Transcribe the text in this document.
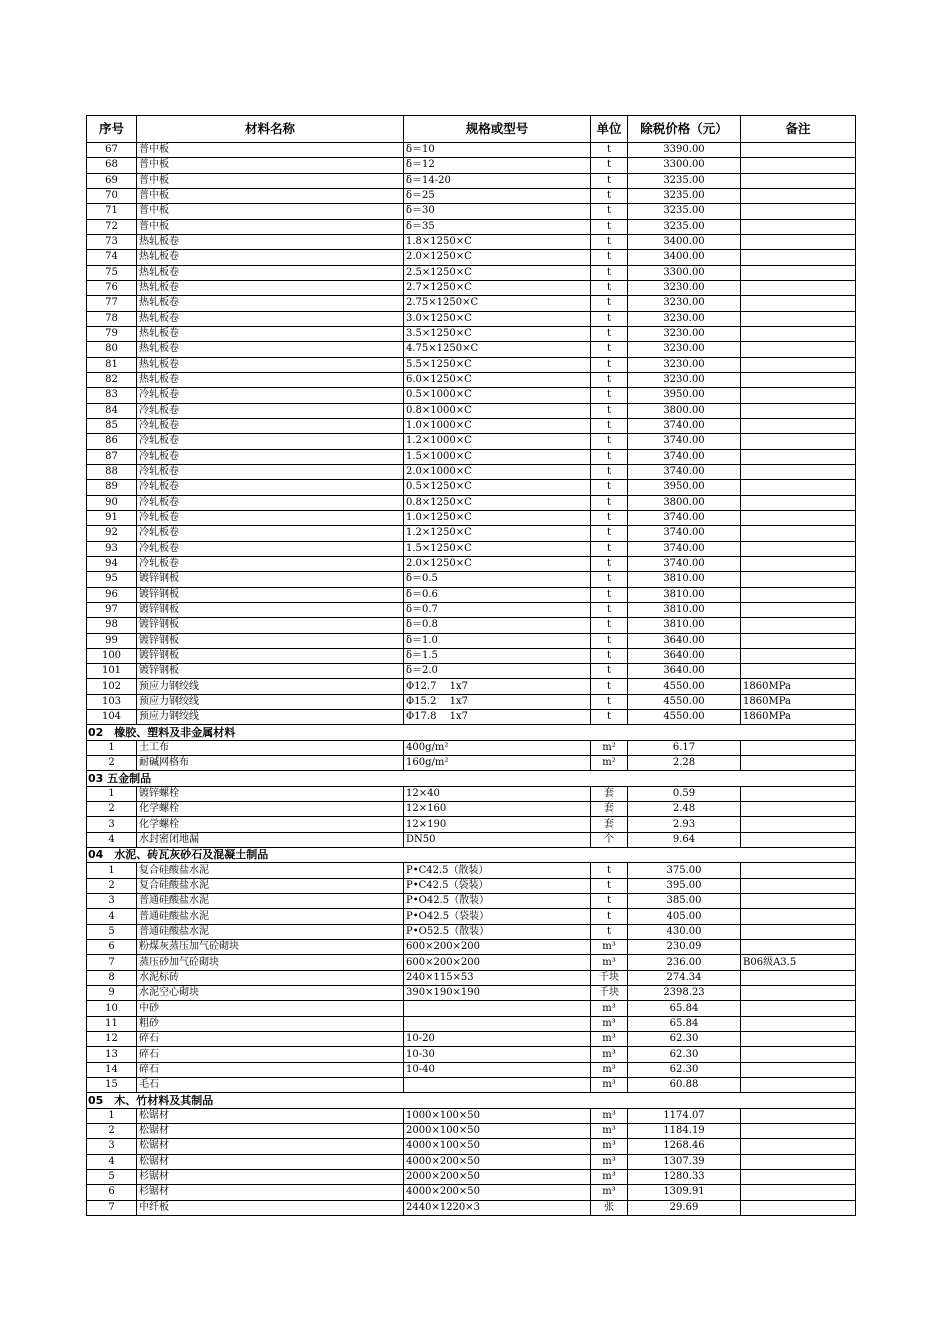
序号	材料名称	规格或型号	单位	除税价格（元）	备注
67	普中板	δ＝10	t	3390.00	
68	普中板	δ＝12	t	3300.00	
69	普中板	δ＝14-20	t	3235.00	
70	普中板	δ＝25	t	3235.00	
71	普中板	δ＝30	t	3235.00	
72	普中板	δ＝35	t	3235.00	
73	热轧板卷	1.8×1250×C	t	3400.00	
74	热轧板卷	2.0×1250×C	t	3400.00	
75	热轧板卷	2.5×1250×C	t	3300.00	
76	热轧板卷	2.7×1250×C	t	3230.00	
77	热轧板卷	2.75×1250×C	t	3230.00	
78	热轧板卷	3.0×1250×C	t	3230.00	
79	热轧板卷	3.5×1250×C	t	3230.00	
80	热轧板卷	4.75×1250×C	t	3230.00	
81	热轧板卷	5.5×1250×C	t	3230.00	
82	热轧板卷	6.0×1250×C	t	3230.00	
83	冷轧板卷	0.5×1000×C	t	3950.00	
84	冷轧板卷	0.8×1000×C	t	3800.00	
85	冷轧板卷	1.0×1000×C	t	3740.00	
86	冷轧板卷	1.2×1000×C	t	3740.00	
87	冷轧板卷	1.5×1000×C	t	3740.00	
88	冷轧板卷	2.0×1000×C	t	3740.00	
89	冷轧板卷	0.5×1250×C	t	3950.00	
90	冷轧板卷	0.8×1250×C	t	3800.00	
91	冷轧板卷	1.0×1250×C	t	3740.00	
92	冷轧板卷	1.2×1250×C	t	3740.00	
93	冷轧板卷	1.5×1250×C	t	3740.00	
94	冷轧板卷	2.0×1250×C	t	3740.00	
95	镀锌钢板	δ＝0.5	t	3810.00	
96	镀锌钢板	δ＝0.6	t	3810.00	
97	镀锌钢板	δ＝0.7	t	3810.00	
98	镀锌钢板	δ＝0.8	t	3810.00	
99	镀锌钢板	δ＝1.0	t	3640.00	
100	镀锌钢板	δ＝1.5	t	3640.00	
101	镀锌钢板	δ＝2.0	t	3640.00	
102	预应力钢绞线	Φ12.7　 1x7	t	4550.00	1860MPa
103	预应力钢绞线	Φ15.2　 1x7	t	4550.00	1860MPa
104	预应力钢绞线	Φ17.8　 1x7	t	4550.00	1860MPa
02　橡胶、塑料及非金属材料					
1	土工布	400g/m²	m²	6.17	
2	耐碱网格布	160g/m²	m²	2.28	
03 五金制品					
1	镀锌螺栓	12×40	套	0.59	
2	化学螺栓	12×160	套	2.48	
3	化学螺栓	12×190	套	2.93	
4	水封密闭地漏	DN50	个	9.64	
04　水泥、砖瓦灰砂石及混凝土制品					
1	复合硅酸盐水泥	P•C42.5（散装）	t	375.00	
2	复合硅酸盐水泥	P•C42.5（袋装）	t	395.00	
3	普通硅酸盐水泥	P•O42.5（散装）	t	385.00	
4	普通硅酸盐水泥	P•O42.5（袋装）	t	405.00	
5	普通硅酸盐水泥	P•O52.5（散装）	t	430.00	
6	粉煤灰蒸压加气砼砌块	600×200×200	m³	230.09	
7	蒸压砂加气砼砌块	600×200×200	m³	236.00	B06级A3.5
8	水泥标砖	240×115×53	千块	274.34	
9	水泥空心砌块	390×190×190	千块	2398.23	
10	中砂		m³	65.84	
11	粗砂		m³	65.84	
12	碎石	10-20	m³	62.30	
13	碎石	10-30	m³	62.30	
14	碎石	10-40	m³	62.30	
15	毛石		m³	60.88	
05　木、竹材料及其制品					
1	松锯材	1000×100×50	m³	1174.07	
2	松锯材	2000×100×50	m³	1184.19	
3	松锯材	4000×100×50	m³	1268.46	
4	松锯材	4000×200×50	m³	1307.39	
5	杉锯材	2000×200×50	m³	1280.33	
6	杉锯材	4000×200×50	m³	1309.91	
7	中纤板	2440×1220×3	张	29.69	
